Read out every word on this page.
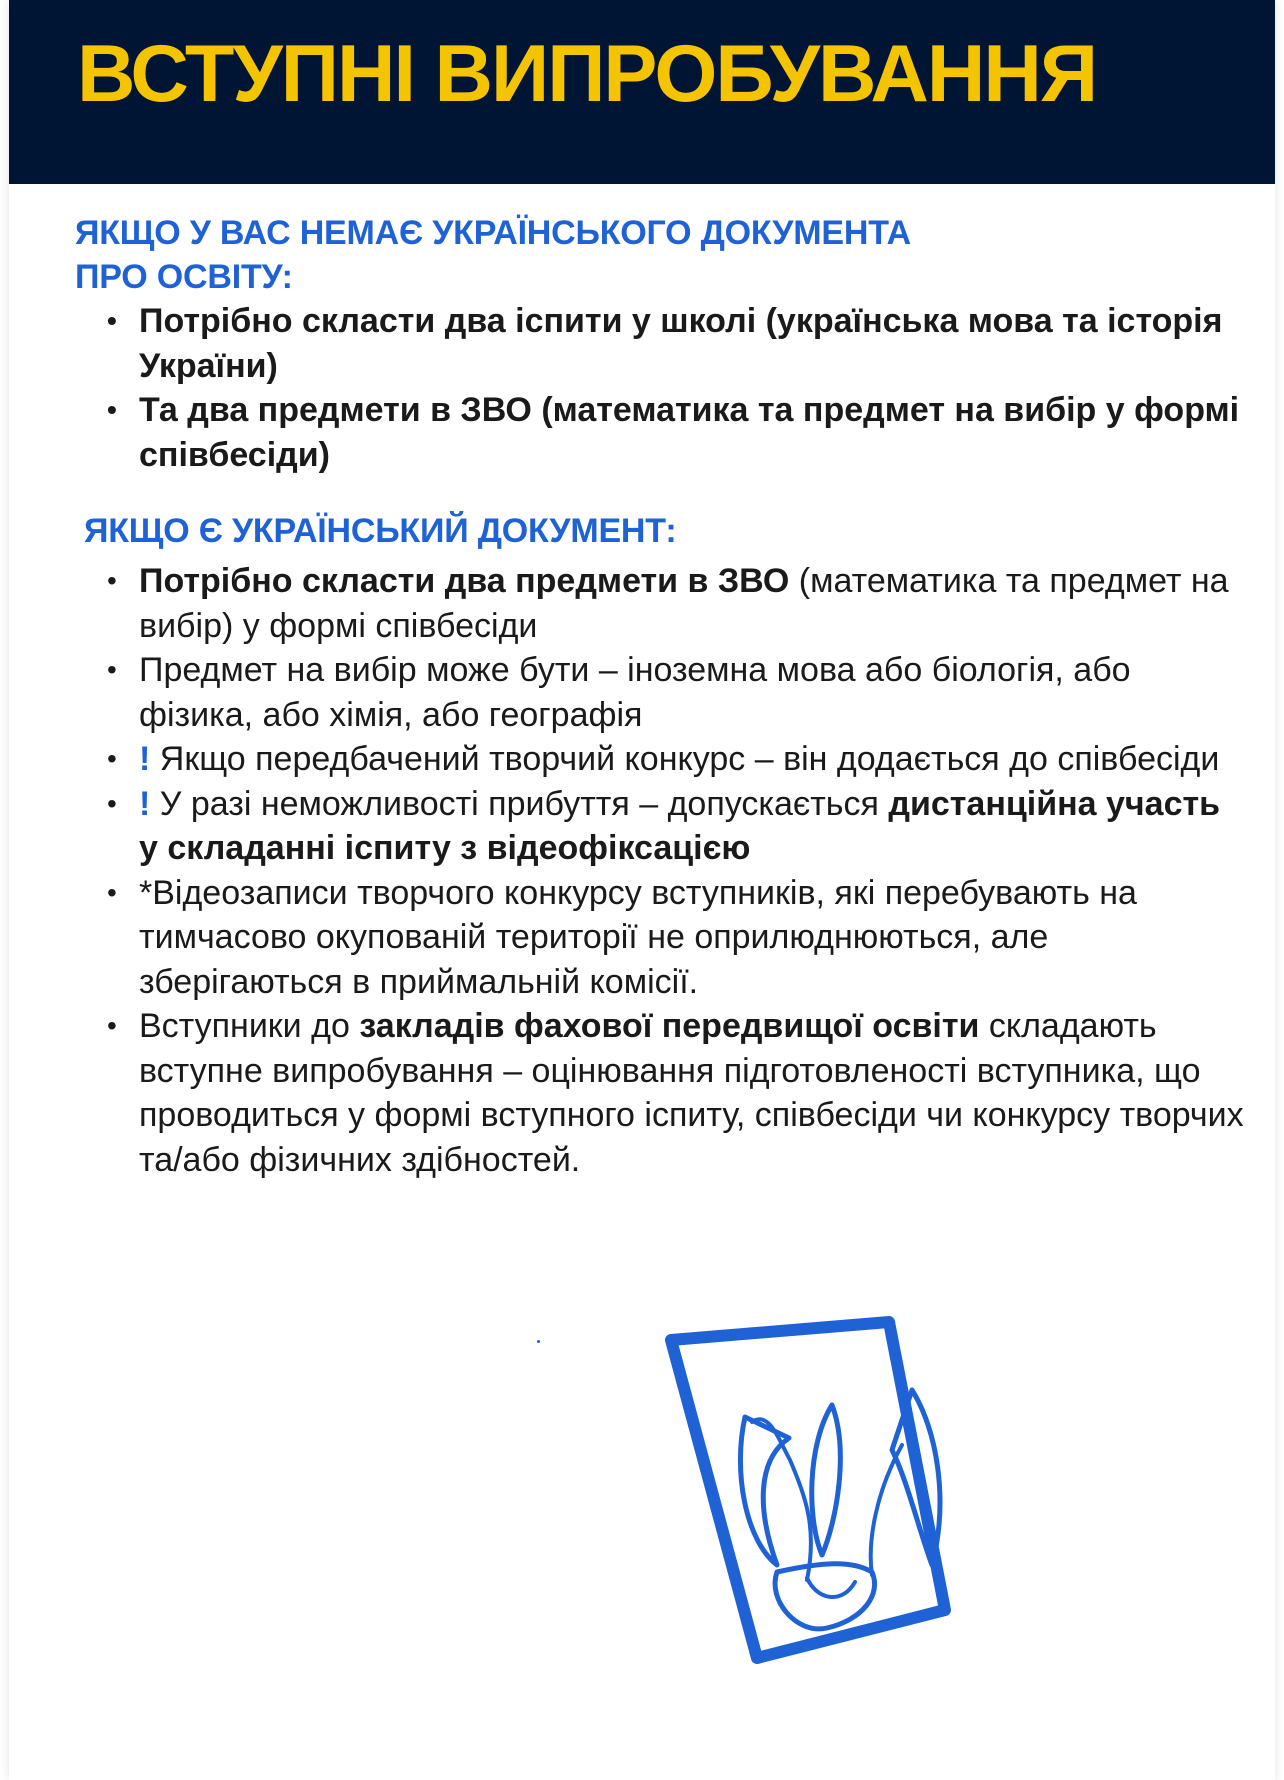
ВСТУПНІ ВИПРОБУВАННЯ
ЯКЩО У ВАС НЕМАЄ УКРАЇНСЬКОГО ДОКУМЕНТА
ПРО ОСВІТУ:
• Потрібно скласти два іспити у школі (українська мова та історія України)
• Та два предмети в ЗВО (математика та предмет на вибір у формі співбесіди)
ЯКЩО Є УКРАЇНСЬКИЙ ДОКУМЕНТ:
• Потрібно скласти два предмети в ЗВО (математика та предмет на вибір) у формі співбесіди
• Предмет на вибір може бути – іноземна мова або біологія, або фізика, або хімія, або географія
• ! Якщо передбачений творчий конкурс – він додається до співбесіди
• ! У разі неможливості прибуття – допускається дистанційна участь у складанні іспиту з відеофіксацією
• *Відеозаписи творчого конкурсу вступників, які перебувають на тимчасово окупованій території не оприлюднюються, але зберігаються в приймальній комісії.
• Вступники до закладів фахової передвищої освіти складають вступне випробування – оцінювання підготовленості вступника, що проводиться у формі вступного іспиту, співбесіди чи конкурсу творчих та/або фізичних здібностей.
